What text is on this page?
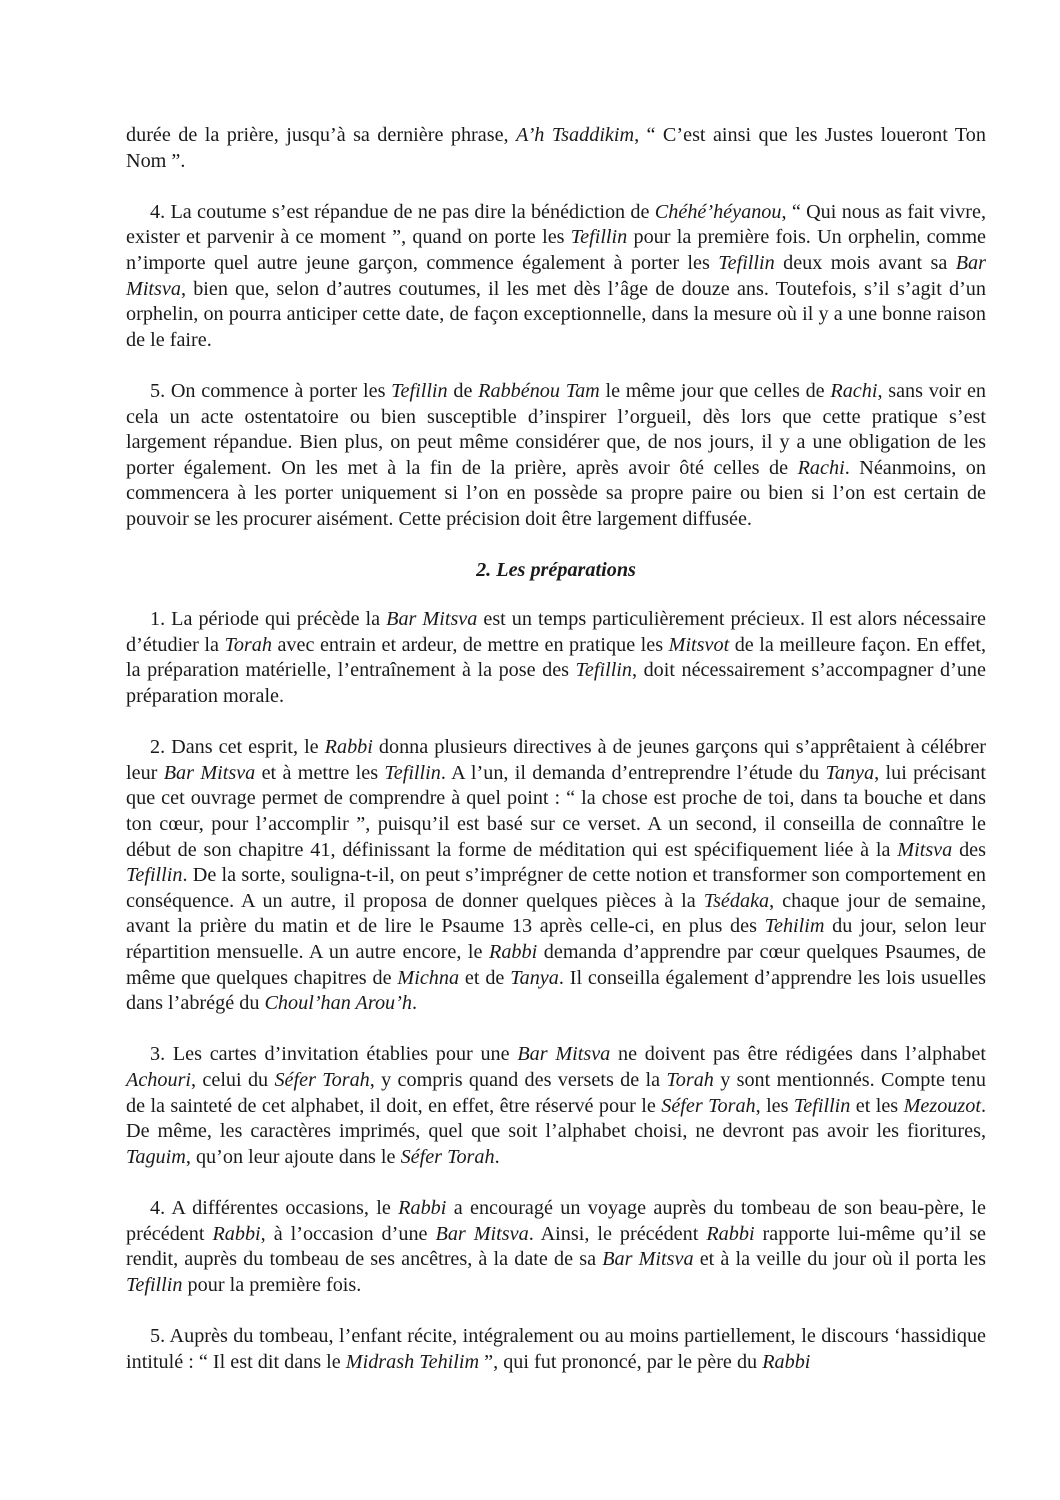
durée de la prière, jusqu’à sa dernière phrase, A’h Tsaddikim, “ C’est ainsi que les Justes loueront Ton Nom ”.

4. La coutume s’est répandue de ne pas dire la bénédiction de Chéhé’héyanou, “ Qui nous as fait vivre, exister et parvenir à ce moment ”, quand on porte les Tefillin pour la première fois. Un orphelin, comme n’importe quel autre jeune garçon, commence également à porter les Tefillin deux mois avant sa Bar Mitsva, bien que, selon d’autres coutumes, il les met dès l’âge de douze ans. Toutefois, s’il s’agit d’un orphelin, on pourra anticiper cette date, de façon exceptionnelle, dans la mesure où il y a une bonne raison de le faire.

5. On commence à porter les Tefillin de Rabbénou Tam le même jour que celles de Rachi, sans voir en cela un acte ostentatoire ou bien susceptible d’inspirer l’orgueil, dès lors que cette pratique s’est largement répandue. Bien plus, on peut même considérer que, de nos jours, il y a une obligation de les porter également. On les met à la fin de la prière, après avoir ôté celles de Rachi. Néanmoins, on commencera à les porter uniquement si l’on en possède sa propre paire ou bien si l’on est certain de pouvoir se les procurer aisément. Cette précision doit être largement diffusée.

2. Les préparations

1. La période qui précède la Bar Mitsva est un temps particulièrement précieux. Il est alors nécessaire d’étudier la Torah avec entrain et ardeur, de mettre en pratique les Mitsvot de la meilleure façon. En effet, la préparation matérielle, l’entraînement à la pose des Tefillin, doit nécessairement s’accompagner d’une préparation morale.

2. Dans cet esprit, le Rabbi donna plusieurs directives à de jeunes garçons qui s’apprêtaient à célébrer leur Bar Mitsva et à mettre les Tefillin. A l’un, il demanda d’entreprendre l’étude du Tanya, lui précisant que cet ouvrage permet de comprendre à quel point : “ la chose est proche de toi, dans ta bouche et dans ton cœur, pour l’accomplir ”, puisqu’il est basé sur ce verset. A un second, il conseilla de connaître le début de son chapitre 41, définissant la forme de méditation qui est spécifiquement liée à la Mitsva des Tefillin. De la sorte, souligna-t-il, on peut s’imprégner de cette notion et transformer son comportement en conséquence. A un autre, il proposa de donner quelques pièces à la Tsédaka, chaque jour de semaine, avant la prière du matin et de lire le Psaume 13 après celle-ci, en plus des Tehilim du jour, selon leur répartition mensuelle. A un autre encore, le Rabbi demanda d’apprendre par cœur quelques Psaumes, de même que quelques chapitres de Michna et de Tanya. Il conseilla également d’apprendre les lois usuelles dans l’abrégé du Choul’han Arou’h.

3. Les cartes d’invitation établies pour une Bar Mitsva ne doivent pas être rédigées dans l’alphabet Achouri, celui du Séfer Torah, y compris quand des versets de la Torah y sont mentionnés. Compte tenu de la sainteté de cet alphabet, il doit, en effet, être réservé pour le Séfer Torah, les Tefillin et les Mezouzot. De même, les caractères imprimés, quel que soit l’alphabet choisi, ne devront pas avoir les fioritures, Taguim, qu’on leur ajoute dans le Séfer Torah.

4. A différentes occasions, le Rabbi a encouragé un voyage auprès du tombeau de son beau-père, le précédent Rabbi, à l’occasion d’une Bar Mitsva. Ainsi, le précédent Rabbi rapporte lui-même qu’il se rendit, auprès du tombeau de ses ancêtres, à la date de sa Bar Mitsva et à la veille du jour où il porta les Tefillin pour la première fois.

5. Auprès du tombeau, l’enfant récite, intégralement ou au moins partiellement, le discours ‘hassidique intitulé : “ Il est dit dans le Midrash Tehilim ”, qui fut prononcé, par le père du Rabbi
